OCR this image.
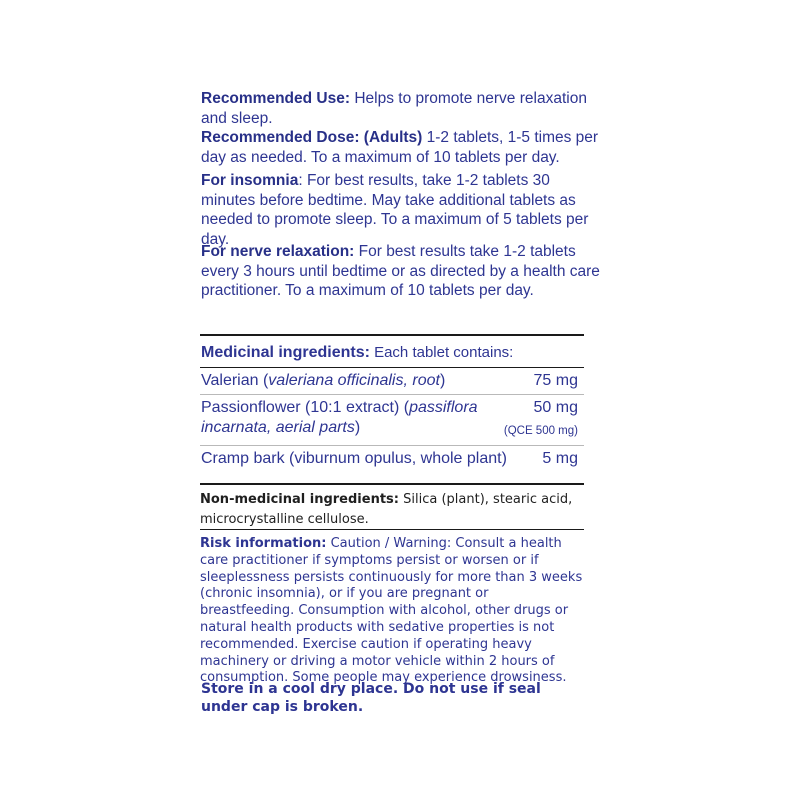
Recommended Use: Helps to promote nerve relaxation and sleep.

Recommended Dose: (Adults) 1-2 tablets, 1-5 times per day as needed. To a maximum of 10 tablets per day.

For insomnia: For best results, take 1-2 tablets 30 minutes before bedtime. May take additional tablets as needed to promote sleep. To a maximum of 5 tablets per day.

For nerve relaxation: For best results take 1-2 tablets every 3 hours until bedtime or as directed by a health care practitioner. To a maximum of 10 tablets per day.

Medicinal ingredients: Each tablet contains:
Valerian (valeriana officinalis, root)	75 mg
Passionflower (10:1 extract) (passiflora incarnata, aerial parts)
50 mg
(QCE 500 mg)
Cramp bark (viburnum opulus, whole plant)	5 mg
Non-medicinal ingredients: Silica (plant), stearic acid, microcrystalline cellulose.
Risk information: Caution / Warning: Consult a health care practitioner if symptoms persist or worsen or if sleeplessness persists continuously for more than 3 weeks (chronic insomnia), or if you are pregnant or breastfeeding. Consumption with alcohol, other drugs or natural health products with sedative properties is not recommended. Exercise caution if operating heavy machinery or driving a motor vehicle within 2 hours of consumption. Some people may experience drowsiness.

Store in a cool dry place. Do not use if seal under cap is broken.
